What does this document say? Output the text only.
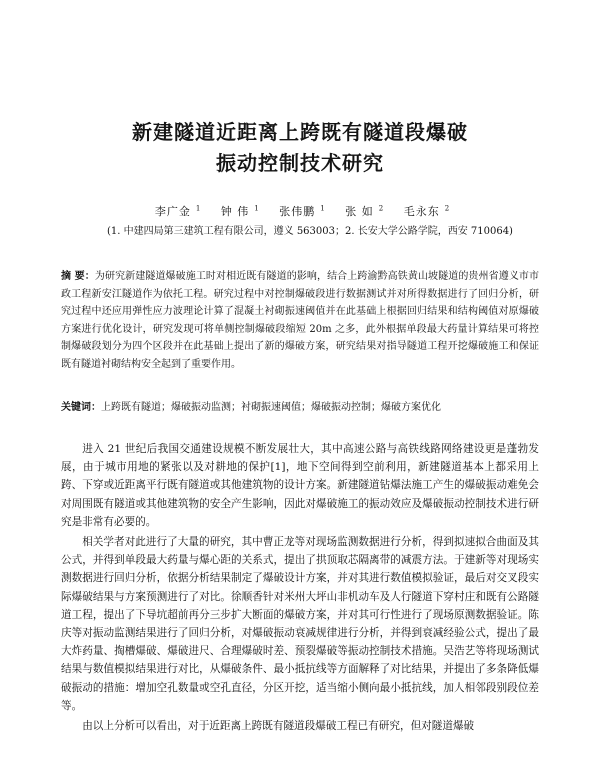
新建隧道近距离上跨既有隧道段爆破
振动控制技术研究
李广金 $^1$ 钟 伟 $^1$ 张伟鹏 $^1$ 张 如 $^2$ 毛永东 $^2$
(1. 中建四局第三建筑工程有限公司，遵义 563003；2. 长安大学公路学院，西安 710064)
摘 要：为研究新建隧道爆破施工时对相近既有隧道的影响，结合上跨渝黔高铁黄山坡隧道的贵州省遵义市市政工程新安江隧道作为依托工程。研究过程中对控制爆破段进行数据测试并对所得数据进行了回归分析，研究过程中还应用弹性应力波理论计算了混凝土衬砌振速阈值并在此基础上根据回归结果和结构阈值对原爆破方案进行优化设计，研究发现可将单侧控制爆破段缩短 20m 之多，此外根据单段最大药量计算结果可将控制爆破段划分为四个区段并在此基础上提出了新的爆破方案，研究结果对指导隧道工程开挖爆破施工和保证既有隧道衬砌结构安全起到了重要作用。
关键词：上跨既有隧道；爆破振动监测；衬砌振速阈值；爆破振动控制；爆破方案优化

进入 21 世纪后我国交通建设规模不断发展壮大，其中高速公路与高铁线路网络建设更是蓬勃发展，由于城市用地的紧张以及对耕地的保护[1]，地下空间得到空前利用，新建隧道基本上都采用上跨、下穿或近距离平行既有隧道或其他建筑物的设计方案。新建隧道钻爆法施工产生的爆破振动难免会对周围既有隧道或其他建筑物的安全产生影响，因此对爆破施工的振动效应及爆破振动控制技术进行研究是非常有必要的。

相关学者对此进行了大量的研究，其中曹正龙等对现场监测数据进行分析，得到拟速拟合曲面及其公式，并得到单段最大药量与爆心距的关系式，提出了拱顶取芯隔离带的减震方法。于建新等对现场实测数据进行回归分析，依据分析结果制定了爆破设计方案，并对其进行数值模拟验证，最后对交叉段实际爆破结果与方案预测进行了对比。徐顺香针对米州大坪山非机动车及人行隧道下穿村庄和既有公路隧道工程，提出了下导坑超前再分三步扩大断面的爆破方案，并对其可行性进行了现场原测数据验证。陈庆等对振动监测结果进行了回归分析，对爆破振动衰减规律进行分析，并得到衰减经验公式，提出了最大炸药量、掏槽爆破、爆破进尺、合理爆破时差、预裂爆破等振动控制技术措施。吴浩艺等将现场测试结果与数值模拟结果进行对比，从爆破条件、最小抵抗线等方面解释了对比结果，并提出了多条降低爆破振动的措施：增加空孔数量或空孔直径，分区开挖，适当缩小侧向最小抵抗线，加人相邻段别段位差等。

由以上分析可以看出，对于近距离上跨既有隧道段爆破工程已有研究，但对隧道爆破
